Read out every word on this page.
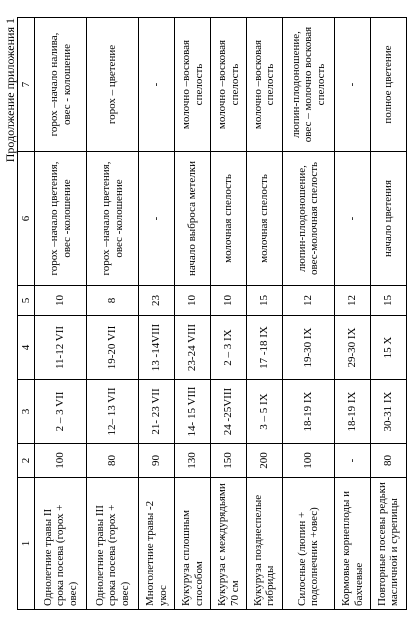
Продолжение приложения 1
1	2	3	4	5	6	7
Однолетние травы II срока посева (горох + овес)	100	2 – 3 VII	11-12 VII	10	горох –начало цветения, овес -колошение	горох –начало налива, овес - колошение
Однолетние травы III срока посева (горох + овес)	80	12– 13 VII	19-20 VII	8	горох –начало цветения, овес -колошение	горох – цветение
Многолетние травы -2 укос	90	21- 23 VII	13 -14VIII	23	-	-
Кукуруза сплошным способом	130	14- 15 VIII	23-24 VIII	10	начало выброса метелки	молочно –восковая спелость
Кукуруза с междурядьями 70 см	150	24 -25VIII	2 – 3 IX	10	молочная спелость	молочно –восковая спелость
Кукуруза позднеспелые гибриды	200	3 – 5 IX	17 -18 IX	15	молочная спелость	молочно –восковая спелость
Силосные (люпин + подсолнечник +овес)	100	18-19 IX	19-30 IX	12	люпин-плодоношение, овес-молочная спелость	люпин-плодоношение, овес – молочно восковая спелость
Кормовые корнеплоды и бахчевые	-	18-19 IX	29-30 IX	12	-	-
Повторные посевы редьки масличной и сурепицы	80	30-31 IX	15 X	15	начало цветения	полное цветение
